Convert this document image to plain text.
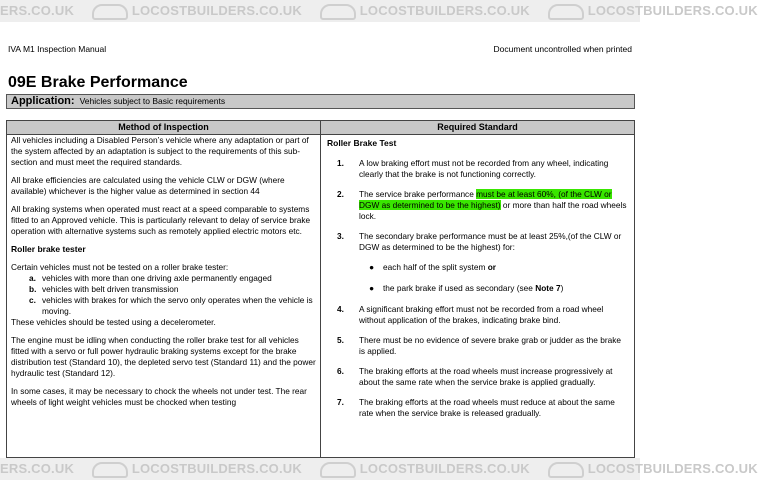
ERS.CO.UK	LOCOSTBUILDERS.CO.UK	LOCOSTBUILDERS.CO.UK	LOCOSTBUILDERS.CO.UK
IVA M1 Inspection Manual	Document uncontrolled when printed
09E Brake Performance
Application: Vehicles subject to Basic requirements
Method of Inspection

All vehicles including a Disabled Person’s vehicle where any adaptation or part of the system affected by an adaptation is subject to the requirements of this sub-section and must meet the required standards.

All brake efficiencies are calculated using the vehicle CLW or DGW (where available) whichever is the higher value as determined in section 44

All braking systems when operated must react at a speed comparable to systems fitted to an Approved vehicle. This is particularly relevant to delay of service brake operation with alternative systems such as remotely applied electric motors etc.

Roller brake tester

Certain vehicles must not be tested on a roller brake tester:

a. vehicles with more than one driving axle permanently engaged
b. vehicles with belt driven transmission
c. vehicles with brakes for which the servo only operates when the vehicle is moving.

These vehicles should be tested using a decelerometer.

The engine must be idling when conducting the roller brake test for all vehicles fitted with a servo or full power hydraulic braking systems except for the brake distribution test (Standard 10), the depleted servo test (Standard 11) and the power hydraulic test (Standard 12).

In some cases, it may be necessary to chock the wheels not under test. The rear wheels of light weight vehicles must be chocked when testing

Required Standard
Roller Brake Test
1.	A low braking effort must not be recorded from any wheel, indicating clearly that the brake is not functioning correctly.
2.	The service brake performance must be at least 60%, (of the CLW or DGW as determined to be the highest) or more than half the road wheels lock.
3.	The secondary brake performance must be at least 25%,(of the CLW or DGW as determined to be the highest) for:
●	each half of the split system or
●	the park brake if used as secondary (see Note 7)
4.	A significant braking effort must not be recorded from a road wheel without application of the brakes, indicating brake bind.
5.	There must be no evidence of severe brake grab or judder as the brake is applied.
6.	The braking efforts at the road wheels must increase progressively at about the same rate when the service brake is applied gradually.
7.	The braking efforts at the road wheels must reduce at about the same rate when the service brake is released gradually.
ERS.CO.UK	LOCOSTBUILDERS.CO.UK	LOCOSTBUILDERS.CO.UK	LOCOSTBUILDERS.CO.UK
